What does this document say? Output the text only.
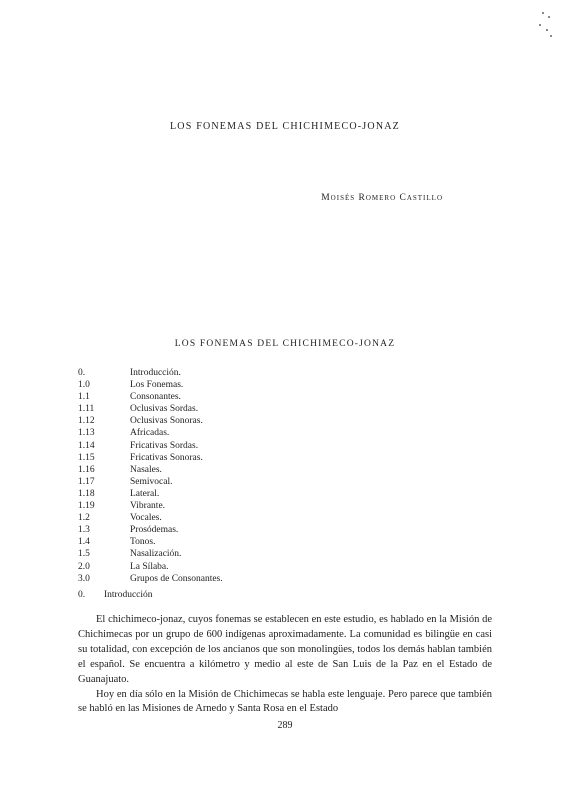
LOS FONEMAS DEL CHICHIMECO-JONAZ
Moisés Romero Castillo
LOS FONEMAS DEL CHICHIMECO-JONAZ
0.	Introducción.
1.0	Los Fonemas.
1.1	Consonantes.
1.11	Oclusivas Sordas.
1.12	Oclusivas Sonoras.
1.13	Africadas.
1.14	Fricativas Sordas.
1.15	Fricativas Sonoras.
1.16	Nasales.
1.17	Semivocal.
1.18	Lateral.
1.19	Vibrante.
1.2	Vocales.
1.3	Prosódemas.
1.4	Tonos.
1.5	Nasalización.
2.0	La Sílaba.
3.0	Grupos de Consonantes.
0.	Introducción

El chichimeco-jonaz, cuyos fonemas se establecen en este estudio, es hablado en la Misión de Chichimecas por un grupo de 600 indígenas aproximadamente. La comunidad es bilingüe en casi su totalidad, con excepción de los ancianos que son monolingües, todos los demás hablan también el español. Se encuentra a kilómetro y medio al este de San Luis de la Paz en el Estado de Guanajuato.

Hoy en día sólo en la Misión de Chichimecas se habla este lenguaje. Pero parece que también se habló en las Misiones de Arnedo y Santa Rosa en el Estado

289
